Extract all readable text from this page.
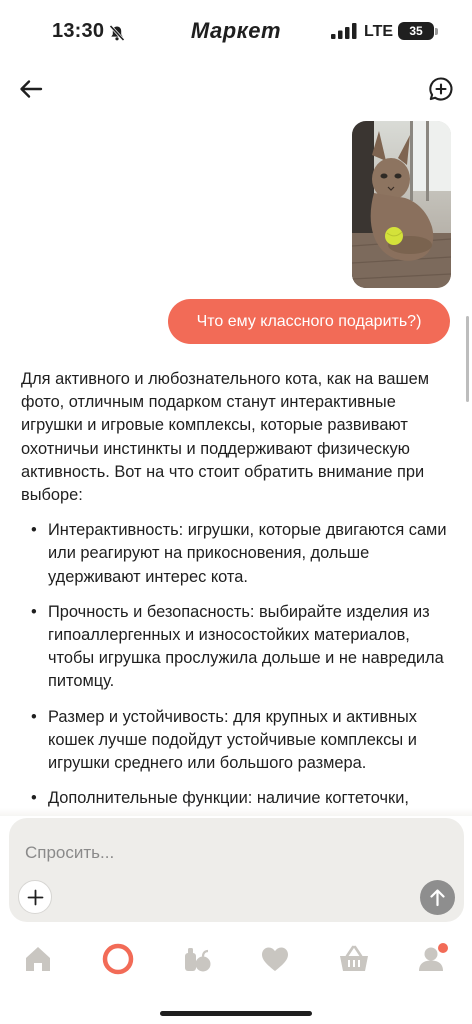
13:30	Маркет	LTE	35
Что ему классного подарить?)

Для активного и любознательного кота, как на вашем фото, отличным подарком станут интерактивные игрушки и игровые комплексы, которые развивают охотничьи инстинкты и поддерживают физическую активность. Вот на что стоит обратить внимание при выборе:

• Интерактивность: игрушки, которые двигаются сами или реагируют на прикосновения, дольше удерживают интерес кота.
• Прочность и безопасность: выбирайте изделия из гипоаллергенных и износостойких материалов, чтобы игрушка прослужила дольше и не навредила питомцу.
• Размер и устойчивость: для крупных и активных кошек лучше подойдут устойчивые комплексы и игрушки среднего или большого размера.
• Дополнительные функции: наличие когтеточки,
Спросить...
